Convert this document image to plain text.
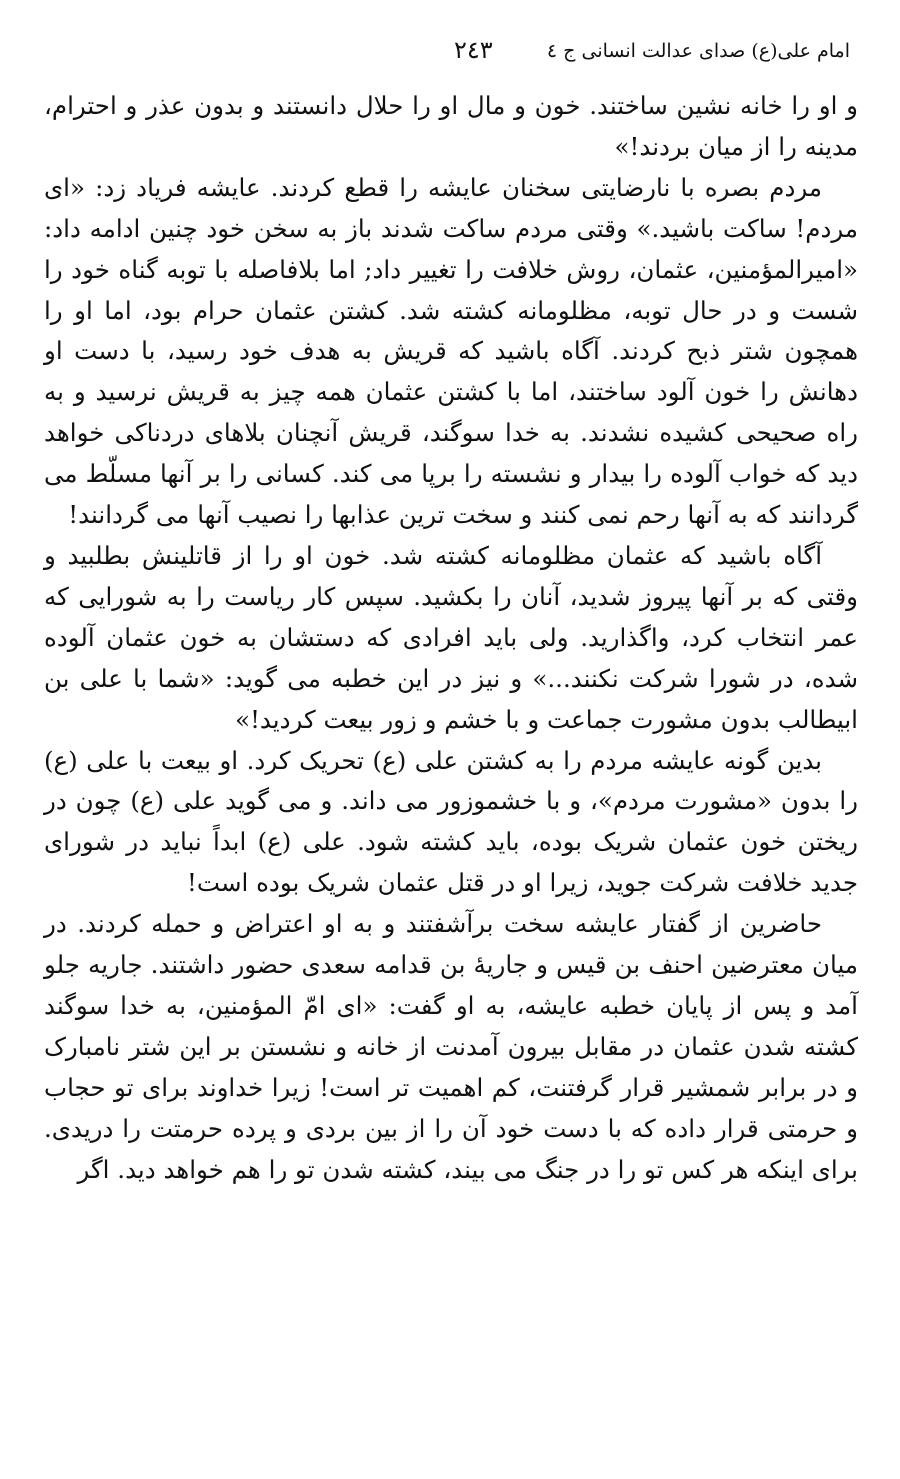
امام علی(ع) صدای عدالت انسانی ج ٤
٢٤٣

و او را خانه نشین ساختند. خون و مال او را حلال دانستند و بدون عذر و احترام، مدینه را از میان بردند!»

مردم بصره با نارضایتی سخنان عایشه را قطع کردند. عایشه فریاد زد: «ای مردم! ساکت باشید.» وقتی مردم ساکت شدند باز به سخن خود چنین ادامه داد: «امیرالمؤمنین، عثمان، روش خلافت را تغییر داد; اما بلافاصله با توبه گناه خود را شست و در حال توبه، مظلومانه کشته شد. کشتن عثمان حرام بود، اما او را همچون شتر ذبح کردند. آگاه باشید که قریش به هدف خود رسید، با دست او دهانش را خون آلود ساختند، اما با کشتن عثمان همه چیز به قریش نرسید و به راه صحیحی کشیده نشدند. به خدا سوگند، قریش آنچنان بلاهای دردناکی خواهد دید که خواب آلوده را بیدار و نشسته را برپا می کند. کسانی را بر آنها مسلّط می گردانند که به آنها رحم نمی کنند و سخت ترین عذابها را نصیب آنها می گردانند!

آگاه باشید که عثمان مظلومانه کشته شد. خون او را از قاتلینش بطلبید و وقتی که بر آنها پیروز شدید، آنان را بکشید. سپس کار ریاست را به شورایی که عمر انتخاب کرد، واگذارید. ولی باید افرادی که دستشان به خون عثمان آلوده شده، در شورا شرکت نکنند...» و نیز در این خطبه می گوید: «شما با علی بن ابیطالب بدون مشورت جماعت و با خشم و زور بیعت کردید!»

بدین گونه عایشه مردم را به کشتن علی (ع) تحریک کرد. او بیعت با علی (ع) را بدون «مشورت مردم»، و با خشموزور می داند. و می گوید علی (ع) چون در ریختن خون عثمان شریک بوده، باید کشته شود. علی (ع) ابداً نباید در شورای جدید خلافت شرکت جوید، زیرا او در قتل عثمان شریک بوده است!

حاضرین از گفتار عایشه سخت برآشفتند و به او اعتراض و حمله کردند. در میان معترضین احنف بن قیس و جاریهٔ بن قدامه سعدی حضور داشتند. جاریه جلو آمد و پس از پایان خطبه عایشه، به او گفت: «ای امّ المؤمنین، به خدا سوگند کشته شدن عثمان در مقابل بیرون آمدنت از خانه و نشستن بر این شتر نامبارک و در برابر شمشیر قرار گرفتنت، کم اهمیت تر است! زیرا خداوند برای تو حجاب و حرمتی قرار داده که با دست خود آن را از بین بردی و پرده حرمتت را دریدی. برای اینکه هر کس تو را در جنگ می بیند، کشته شدن تو را هم خواهد دید. اگر
